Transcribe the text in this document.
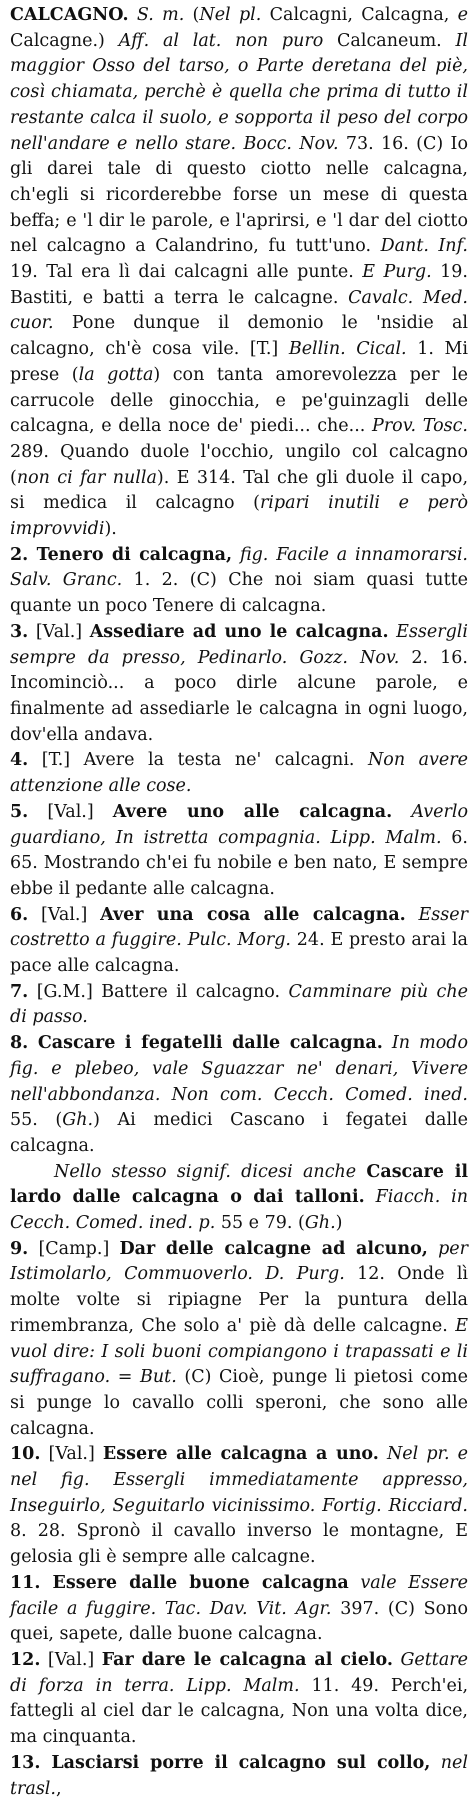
CALCAGNO. S. m. (Nel pl. Calcagni, Calcagna, e Calcagne.) Aff. al lat. non puro Calcaneum. Il maggior Osso del tarso, o Parte deretana del piè, così chiamata, perchè è quella che prima di tutto il restante calca il suolo, e sopporta il peso del corpo nell'andare e nello stare. Bocc. Nov. 73. 16. (C) Io gli darei tale di questo ciotto nelle calcagna, ch'egli si ricorderebbe forse un mese di questa beffa; e 'l dir le parole, e l'aprirsi, e 'l dar del ciotto nel calcagno a Calandrino, fu tutt'uno. Dant. Inf. 19. Tal era lì dai calcagni alle punte. E Purg. 19. Bastiti, e batti a terra le calcagne. Cavalc. Med. cuor. Pone dunque il demonio le 'nsidie al calcagno, ch'è cosa vile. [T.] Bellin. Cical. 1. Mi prese (la gotta) con tanta amorevolezza per le carrucole delle ginocchia, e pe'guinzagli delle calcagna, e della noce de' piedi... che... Prov. Tosc. 289. Quando duole l'occhio, ungilo col calcagno (non ci far nulla). E 314. Tal che gli duole il capo, si medica il calcagno (ripari inutili e però improvvidi).

2. Tenero di calcagna, fig. Facile a innamorarsi. Salv. Granc. 1. 2. (C) Che noi siam quasi tutte quante un poco Tenere di calcagna.

3. [Val.] Assediare ad uno le calcagna. Essergli sempre da presso, Pedinarlo. Gozz. Nov. 2. 16. Incominciò... a poco dirle alcune parole, e finalmente ad assediarle le calcagna in ogni luogo, dov'ella andava.

4. [T.] Avere la testa ne' calcagni. Non avere attenzione alle cose.

5. [Val.] Avere uno alle calcagna. Averlo guardiano, In istretta compagnia. Lipp. Malm. 6. 65. Mostrando ch'ei fu nobile e ben nato, E sempre ebbe il pedante alle calcagna.

6. [Val.] Aver una cosa alle calcagna. Esser costretto a fuggire. Pulc. Morg. 24. E presto arai la pace alle calcagna.

7. [G.M.] Battere il calcagno. Camminare più che di passo.

8. Cascare i fegatelli dalle calcagna. In modo fig. e plebeo, vale Sguazzar ne' denari, Vivere nell'abbondanza. Non com. Cecch. Comed. ined. 55. (Gh.) Ai medici Cascano i fegatei dalle calcagna.

Nello stesso signif. dicesi anche Cascare il lardo dalle calcagna o dai talloni. Fiacch. in Cecch. Comed. ined. p. 55 e 79. (Gh.)

9. [Camp.] Dar delle calcagne ad alcuno, per Istimolarlo, Commuoverlo. D. Purg. 12. Onde lì molte volte si ripiagne Per la puntura della rimembranza, Che solo a' piè dà delle calcagne. E vuol dire: I soli buoni compiangono i trapassati e li suffragano. = But. (C) Cioè, punge li pietosi come si punge lo cavallo colli speroni, che sono alle calcagna.

10. [Val.] Essere alle calcagna a uno. Nel pr. e nel fig. Essergli immediatamente appresso, Inseguirlo, Seguitarlo vicinissimo. Fortig. Ricciard. 8. 28. Spronò il cavallo inverso le montagne, E gelosia gli è sempre alle calcagne.

11. Essere dalle buone calcagna vale Essere facile a fuggire. Tac. Dav. Vit. Agr. 397. (C) Sono quei, sapete, dalle buone calcagna.

12. [Val.] Far dare le calcagna al cielo. Gettare di forza in terra. Lipp. Malm. 11. 49. Perch'ei, fattegli al ciel dar le calcagna, Non una volta dice, ma cinquanta.

13. Lasciarsi porre il calcagno sul collo, nel trasl.,
